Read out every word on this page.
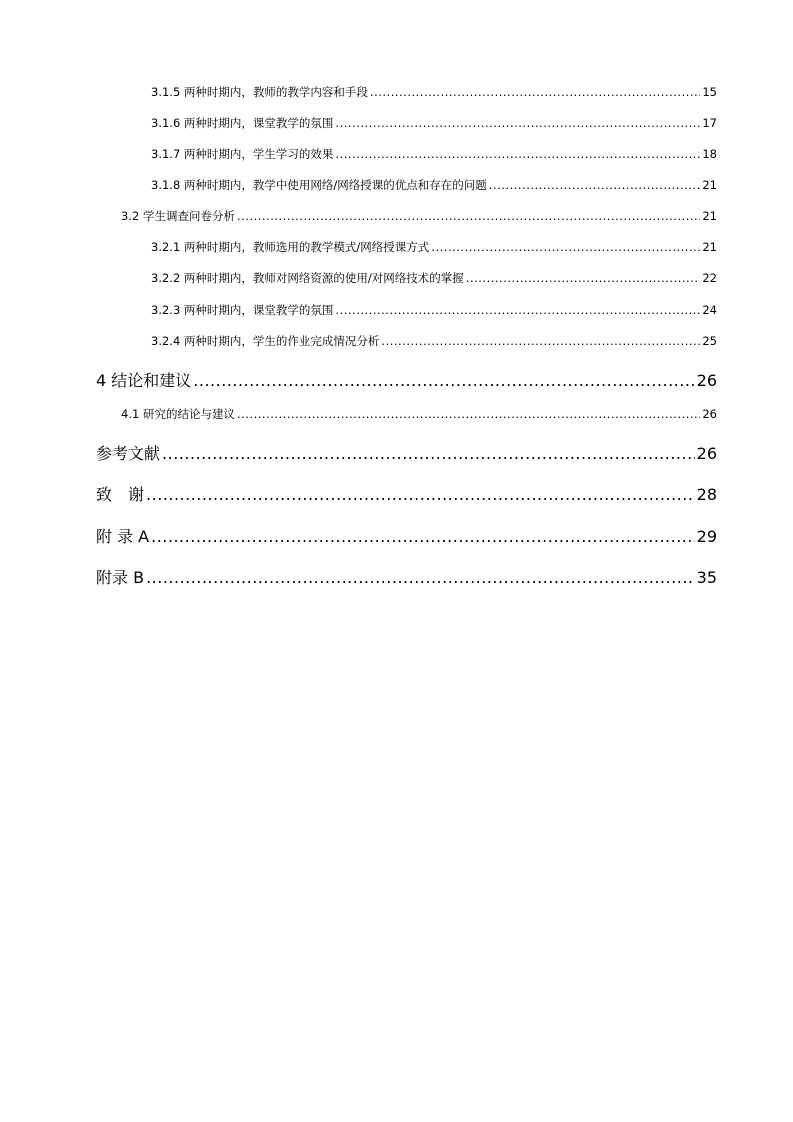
3.1.5 两种时期内，教师的教学内容和手段 .....	15
3.1.6 两种时期内，课堂教学的氛围 .....	17
3.1.7 两种时期内，学生学习的效果 .....	18
3.1.8 两种时期内，教学中使用网络/网络授课的优点和存在的问题 .....	21
3.2 学生调查问卷分析 .....	21
3.2.1 两种时期内，教师选用的教学模式/网络授课方式 .....	21
3.2.2 两种时期内，教师对网络资源的使用/对网络技术的掌握 .....	22
3.2.3 两种时期内，课堂教学的氛围 .....	24
3.2.4 两种时期内，学生的作业完成情况分析 .....	25
4 结论和建议 .....	26
4.1 研究的结论与建议 .....	26
参考文献 .....	26
致　谢 .....	28
附 录 A .....	29
附录 B .....	35
